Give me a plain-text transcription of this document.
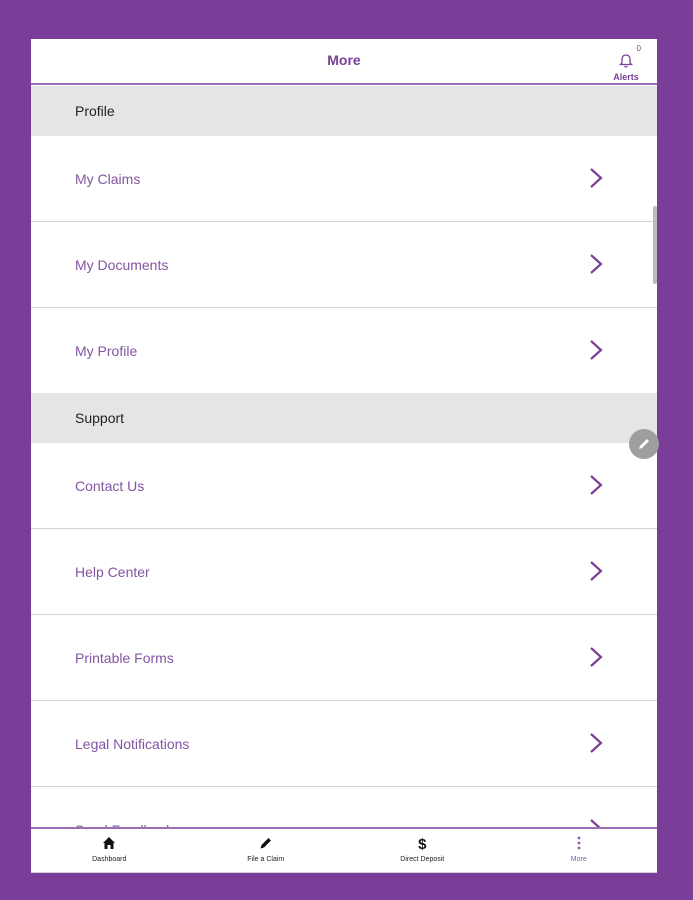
More
0
Alerts
Profile
My Claims
My Documents
My Profile
Support
Contact Us
Help Center
Printable Forms
Legal Notifications
Dashboard	File a Claim
$
Direct Deposit	More
